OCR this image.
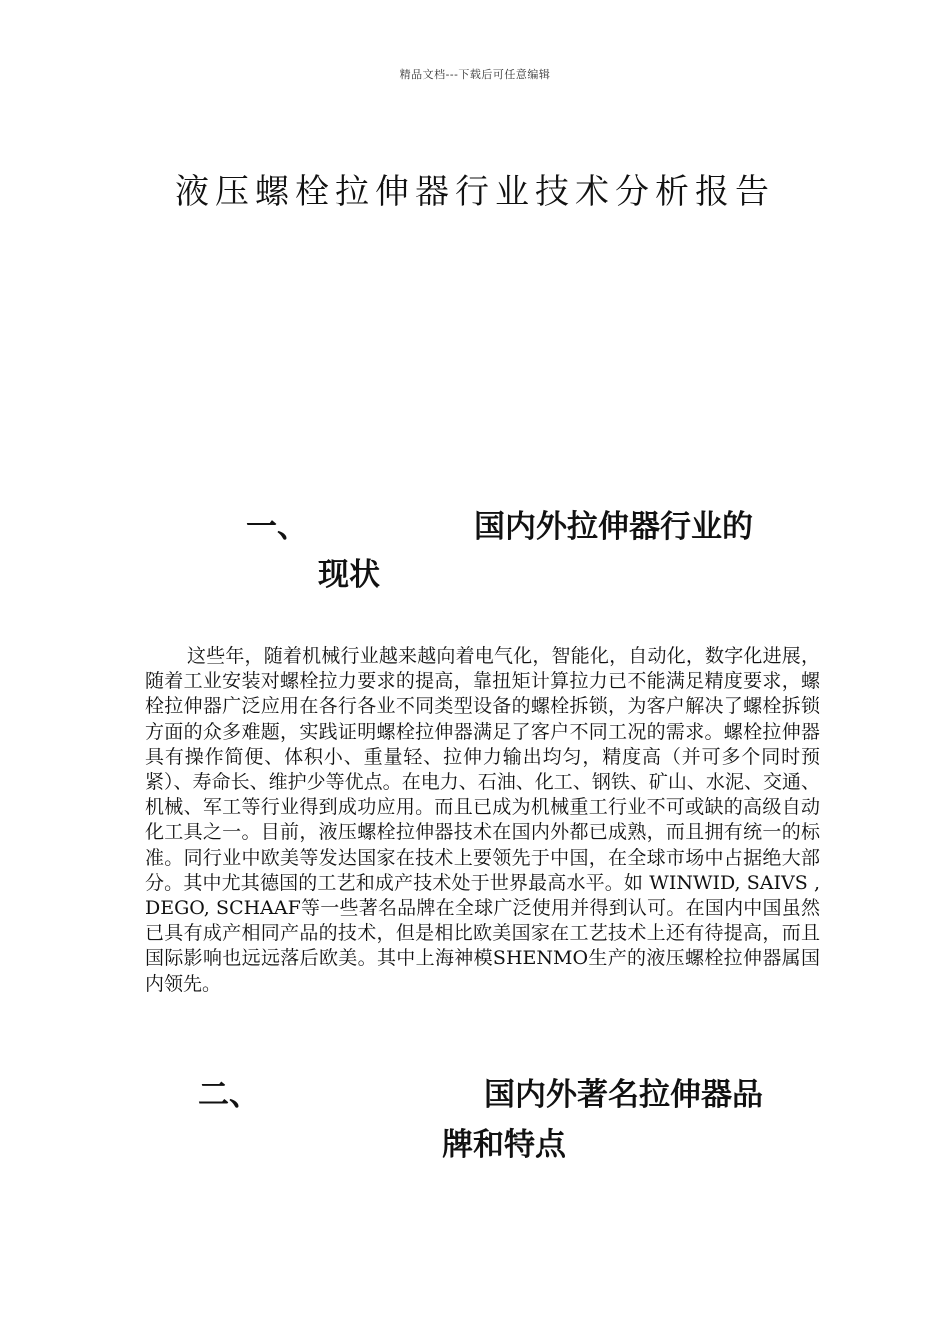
精品文档---下载后可任意编辑
液压螺栓拉伸器行业技术分析报告
一、	国内外拉伸器行业的
现状

这些年，随着机械行业越来越向着电气化，智能化，自动化，数字化进展，随着工业安装对螺栓拉力要求的提高，靠扭矩计算拉力已不能满足精度要求，螺栓拉伸器广泛应用在各行各业不同类型设备的螺栓拆锁，为客户解决了螺栓拆锁方面的众多难题，实践证明螺栓拉伸器满足了客户不同工况的需求。螺栓拉伸器具有操作简便、体积小、重量轻、拉伸力输出均匀，精度高（并可多个同时预紧）、寿命长、维护少等优点。在电力、石油、化工、钢铁、矿山、水泥、交通、机械、军工等行业得到成功应用。而且已成为机械重工行业不可或缺的高级自动化工具之一。目前，液压螺栓拉伸器技术在国内外都已成熟，而且拥有统一的标准。同行业中欧美等发达国家在技术上要领先于中国，在全球市场中占据绝大部分。其中尤其德国的工艺和成产技术处于世界最高水平。如 WINWID, SAIVS ,DEGO, SCHAAF等一些著名品牌在全球广泛使用并得到认可。在国内中国虽然已具有成产相同产品的技术，但是相比欧美国家在工艺技术上还有待提高，而且国际影响也远远落后欧美。其中上海神模SHENMO生产的液压螺栓拉伸器属国内领先。

二、	国内外著名拉伸器品
牌和特点
